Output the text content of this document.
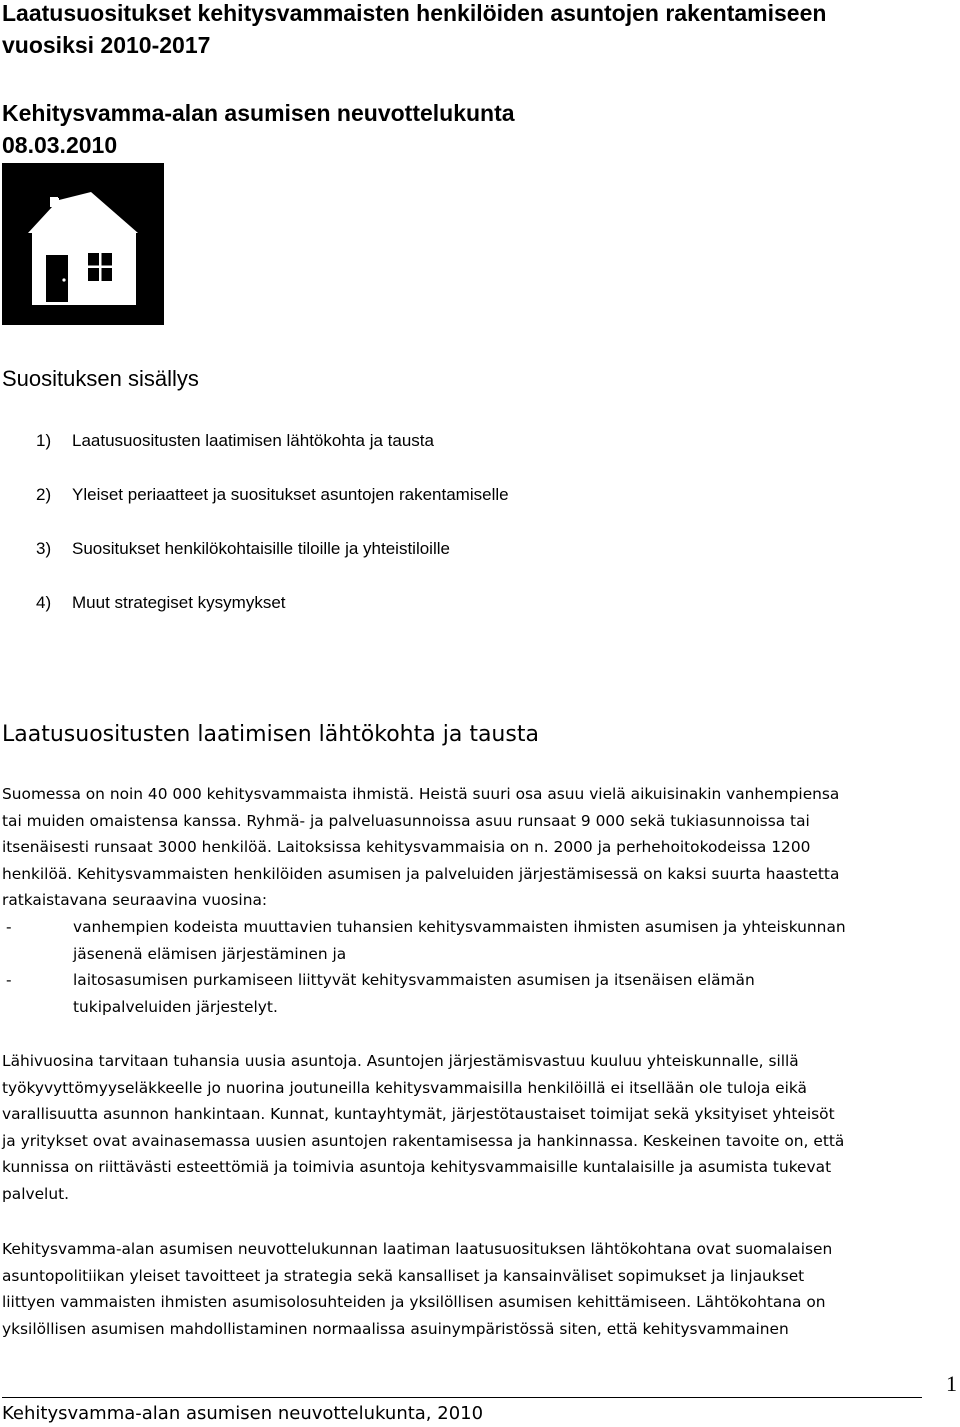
Laatusuositukset kehitysvammaisten henkilöiden asuntojen rakentamiseen
vuosiksi 2010-2017
Kehitysvamma-alan asumisen neuvottelukunta
08.03.2010
Suosituksen sisällys
1) Laatusuositusten laatimisen lähtökohta ja tausta
2) Yleiset periaatteet ja suositukset asuntojen rakentamiselle
3) Suositukset henkilökohtaisille tiloille ja yhteistiloille
4) Muut strategiset kysymykset
Laatusuositusten laatimisen lähtökohta ja tausta
Suomessa on noin 40 000 kehitysvammaista ihmistä. Heistä suuri osa asuu vielä aikuisinakin vanhempiensa
tai muiden omaistensa kanssa. Ryhmä- ja palveluasunnoissa asuu runsaat 9 000 sekä tukiasunnoissa tai
itsenäisesti runsaat 3000 henkilöä. Laitoksissa kehitysvammaisia on n. 2000 ja perhehoitokodeissa 1200
henkilöä. Kehitysvammaisten henkilöiden asumisen ja palveluiden järjestämisessä on kaksi suurta haastetta
ratkaistavana seuraavina vuosina:
-	vanhempien kodeista muuttavien tuhansien kehitysvammaisten ihmisten asumisen ja yhteiskunnan
jäsenenä elämisen järjestäminen ja
-	laitosasumisen purkamiseen liittyvät kehitysvammaisten asumisen ja itsenäisen elämän
tukipalveluiden järjestelyt.
Lähivuosina tarvitaan tuhansia uusia asuntoja. Asuntojen järjestämisvastuu kuuluu yhteiskunnalle, sillä
työkyvyttömyyseläkkeelle jo nuorina joutuneilla kehitysvammaisilla henkilöillä ei itsellään ole tuloja eikä
varallisuutta asunnon hankintaan. Kunnat, kuntayhtymät, järjestötaustaiset toimijat sekä yksityiset yhteisöt
ja yritykset ovat avainasemassa uusien asuntojen rakentamisessa ja hankinnassa. Keskeinen tavoite on, että
kunnissa on riittävästi esteettömiä ja toimivia asuntoja kehitysvammaisille kuntalaisille ja asumista tukevat
palvelut.
Kehitysvamma-alan asumisen neuvottelukunnan laatiman laatusuosituksen lähtökohtana ovat suomalaisen
asuntopolitiikan yleiset tavoitteet ja strategia sekä kansalliset ja kansainväliset sopimukset ja linjaukset
liittyen vammaisten ihmisten asumisolosuhteiden ja yksilöllisen asumisen kehittämiseen. Lähtökohtana on
yksilöllisen asumisen mahdollistaminen normaalissa asuinympäristössä siten, että kehitysvammainen
1
Kehitysvamma-alan asumisen neuvottelukunta, 2010
